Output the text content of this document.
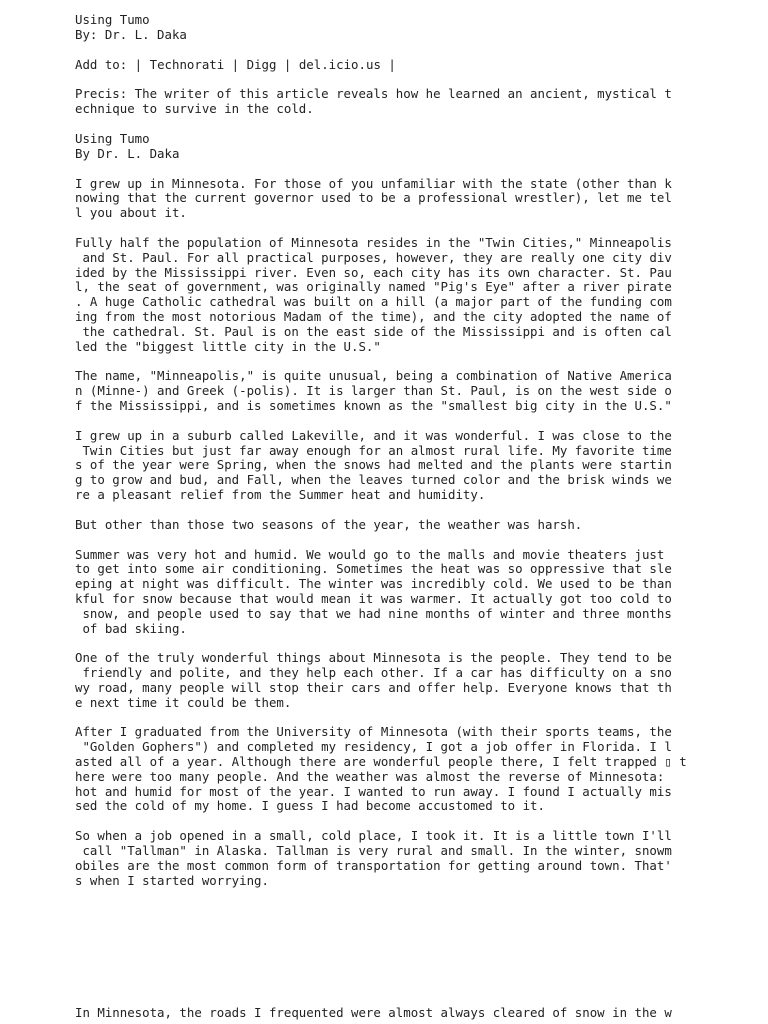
Using Tumo
By: Dr. L. Daka
Add to: | Technorati | Digg | del.icio.us |
Precis: The writer of this article reveals how he learned an ancient, mystical t
echnique to survive in the cold.
Using Tumo
By Dr. L. Daka
I grew up in Minnesota. For those of you unfamiliar with the state (other than k
nowing that the current governor used to be a professional wrestler), let me tel
l you about it.
Fully half the population of Minnesota resides in the "Twin Cities," Minneapolis
and St. Paul. For all practical purposes, however, they are really one city div
ided by the Mississippi river. Even so, each city has its own character. St. Pau
l, the seat of government, was originally named "Pig's Eye" after a river pirate
. A huge Catholic cathedral was built on a hill (a major part of the funding com
ing from the most notorious Madam of the time), and the city adopted the name of
the cathedral. St. Paul is on the east side of the Mississippi and is often cal
led the "biggest little city in the U.S."
The name, "Minneapolis," is quite unusual, being a combination of Native America
n (Minne-) and Greek (-polis). It is larger than St. Paul, is on the west side o
f the Mississippi, and is sometimes known as the "smallest big city in the U.S."
I grew up in a suburb called Lakeville, and it was wonderful. I was close to the
Twin Cities but just far away enough for an almost rural life. My favorite time
s of the year were Spring, when the snows had melted and the plants were startin
g to grow and bud, and Fall, when the leaves turned color and the brisk winds we
re a pleasant relief from the Summer heat and humidity.
But other than those two seasons of the year, the weather was harsh.
Summer was very hot and humid. We would go to the malls and movie theaters just
to get into some air conditioning. Sometimes the heat was so oppressive that sle
eping at night was difficult. The winter was incredibly cold. We used to be than
kful for snow because that would mean it was warmer. It actually got too cold to
snow, and people used to say that we had nine months of winter and three months
of bad skiing.
One of the truly wonderful things about Minnesota is the people. They tend to be
friendly and polite, and they help each other. If a car has difficulty on a sno
wy road, many people will stop their cars and offer help. Everyone knows that th
e next time it could be them.
After I graduated from the University of Minnesota (with their sports teams, the
"Golden Gophers") and completed my residency, I got a job offer in Florida. I l
asted all of a year. Although there are wonderful people there, I felt trapped ▯ t
here were too many people. And the weather was almost the reverse of Minnesota:
hot and humid for most of the year. I wanted to run away. I found I actually mis
sed the cold of my home. I guess I had become accustomed to it.
So when a job opened in a small, cold place, I took it. It is a little town I'll
call "Tallman" in Alaska. Tallman is very rural and small. In the winter, snowm
obiles are the most common form of transportation for getting around town. That'
s when I started worrying.
In Minnesota, the roads I frequented were almost always cleared of snow in the w
